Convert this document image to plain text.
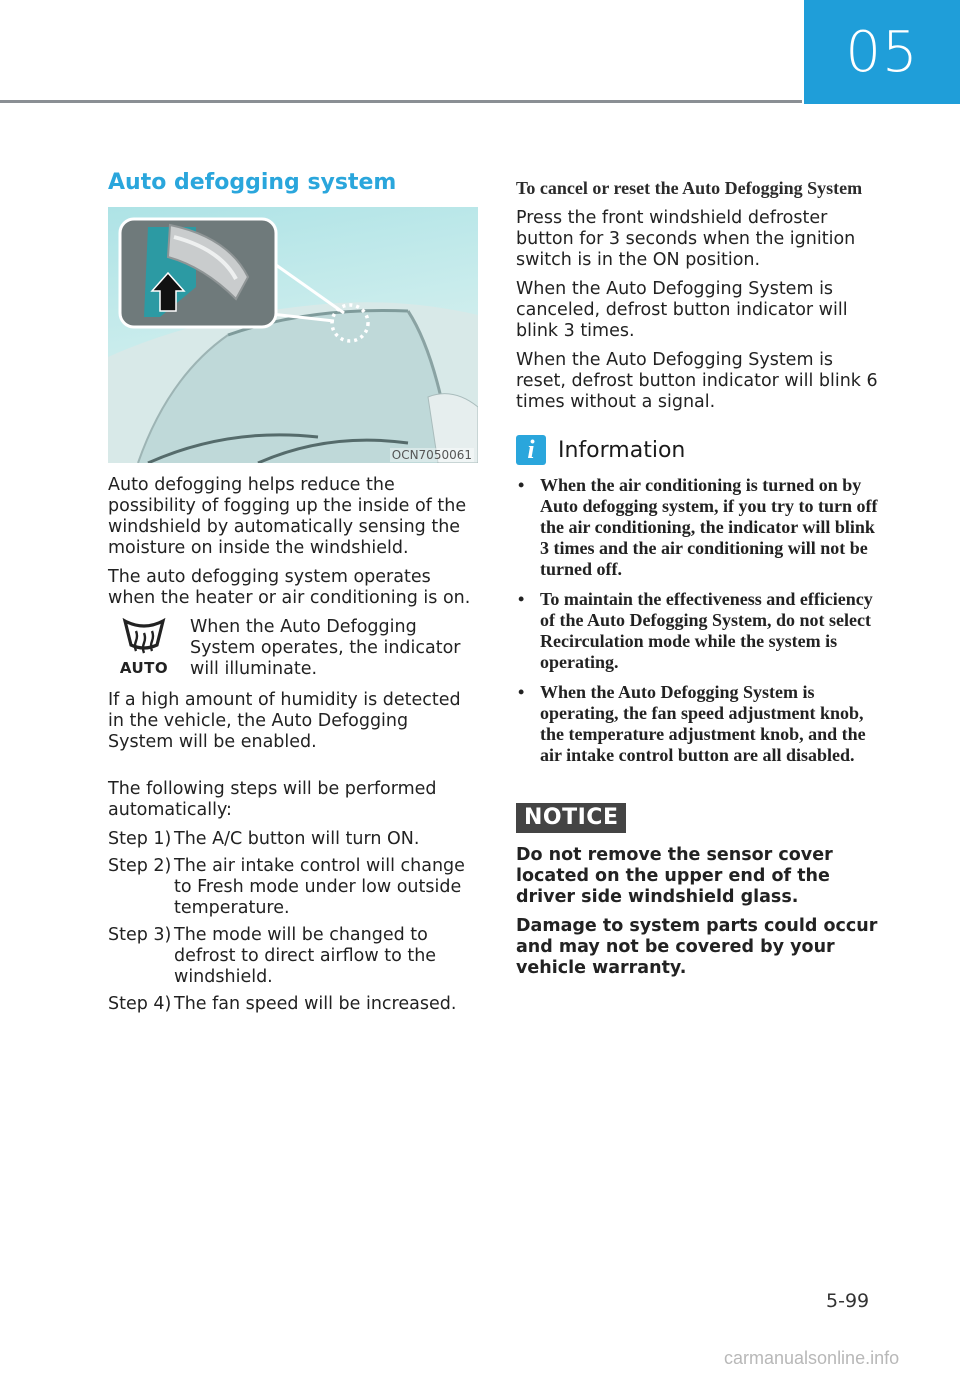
05
Auto defogging system
OCN7050061

Auto defogging helps reduce the possibility of fogging up the inside of the windshield by automatically sensing the moisture on inside the windshield.

The auto defogging system operates when the heater or air conditioning is on.

AUTO

When the Auto Defogging System operates, the indicator will illuminate.

If a high amount of humidity is detected in the vehicle, the Auto Defogging System will be enabled.

The following steps will be performed automatically:

Step 1) The A/C button will turn ON.
Step 2) The air intake control will change to Fresh mode under low outside temperature.
Step 3) The mode will be changed to defrost to direct airflow to the windshield.
Step 4) The fan speed will be increased.
To cancel or reset the Auto Defogging System

Press the front windshield defroster button for 3 seconds when the ignition switch is in the ON position.

When the Auto Defogging System is canceled, defrost button indicator will blink 3 times.

When the Auto Defogging System is reset, defrost button indicator will blink 6 times without a signal.

i	Information
• When the air conditioning is turned on by Auto defogging system, if you try to turn off the air conditioning, the indicator will blink 3 times and the air conditioning will not be turned off.
• To maintain the effectiveness and efficiency of the Auto Defogging System, do not select Recirculation mode while the system is operating.
• When the Auto Defogging System is operating, the fan speed adjustment knob, the temperature adjustment knob, and the air intake control button are all disabled.
NOTICE

Do not remove the sensor cover located on the upper end of the driver side windshield glass.

Damage to system parts could occur and may not be covered by your vehicle warranty.

5-99
carmanualsonline.info
